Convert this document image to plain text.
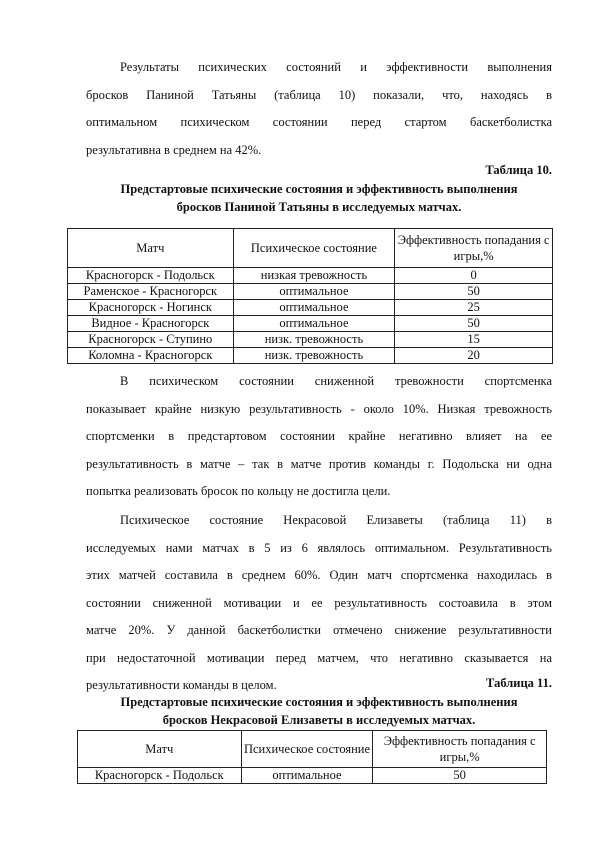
Результаты психических состояний и эффективности выполнения
бросков Паниной Татьяны (таблица 10) показали, что, находясь в
оптимальном психическом состоянии перед стартом баскетболистка
результативна в среднем на 42%.

Таблица 10.

Предстартовые психические состояния и эффективность выполнения
бросков Паниной Татьяны в исследуемых матчах.
Матч	Психическое состояние	Эффективность попадания с игры,%
Красногорск - Подольск	низкая тревожность	0
Раменское - Красногорск	оптимальное	50
Красногорск - Ногинск	оптимальное	25
Видное - Красногорск	оптимальное	50
Красногорск - Ступино	низк. тревожность	15
Коломна - Красногорск	низк. тревожность	20

В психическом состоянии сниженной тревожности спортсменка
показывает крайне низкую результативность - около 10%. Низкая тревожность
спортсменки в предстартовом состоянии крайне негативно влияет на ее
результативность в матче – так в матче против команды г. Подольска ни одна
попытка реализовать бросок по кольцу не достигла цели.

Психическое состояние Некрасовой Елизаветы (таблица 11) в
исследуемых нами матчах в 5 из 6 являлось оптимальном. Результативность
этих матчей составила в среднем 60%. Один матч спортсменка находилась в
состоянии сниженной мотивации и ее результативность состоавила в этом
матче 20%. У данной баскетболистки отмечено снижение результативности
при недостаточной мотивации перед матчем, что негативно сказывается на
результативности команды в целом.	Таблица 11.

Предстартовые психические состояния и эффективность выполнения
бросков Некрасовой Елизаветы в исследуемых матчах.
Матч	Психическое состояние	Эффективность попадания с игры,%
Красногорск - Подольск	оптимальное	50
